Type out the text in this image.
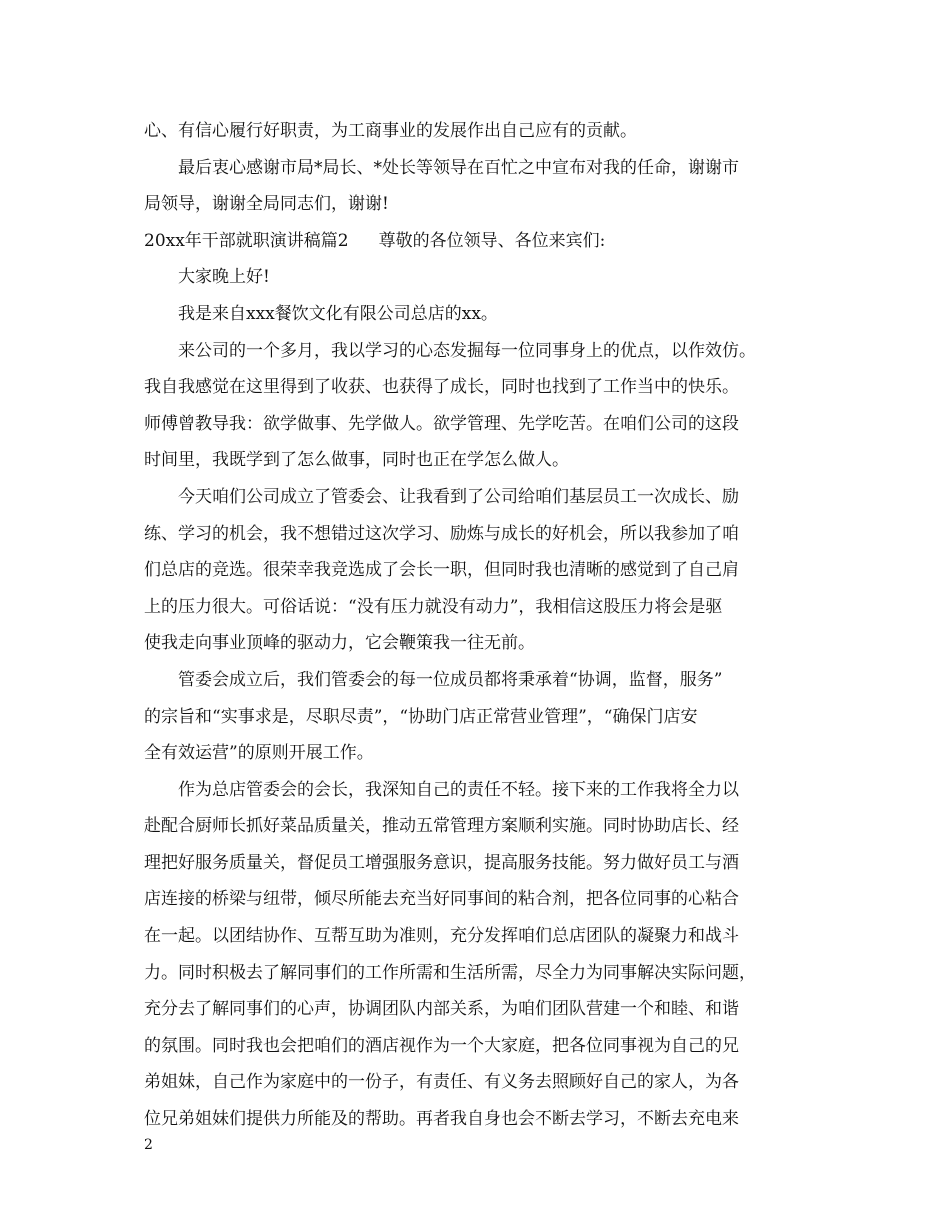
心、有信心履行好职责，为工商事业的发展作出自己应有的贡献。
最后衷心感谢市局*局长、*处长等领导在百忙之中宣布对我的任命，谢谢市
局领导，谢谢全局同志们，谢谢!
20xx年干部就职演讲稿篇2 尊敬的各位领导、各位来宾们:
大家晚上好!
我是来自xxx餐饮文化有限公司总店的xx。
来公司的一个多月，我以学习的心态发掘每一位同事身上的优点，以作效仿。
我自我感觉在这里得到了收获、也获得了成长，同时也找到了工作当中的快乐。
师傅曾教导我：欲学做事、先学做人。欲学管理、先学吃苦。在咱们公司的这段
时间里，我既学到了怎么做事，同时也正在学怎么做人。
今天咱们公司成立了管委会、让我看到了公司给咱们基层员工一次成长、励
练、学习的机会，我不想错过这次学习、励炼与成长的好机会，所以我参加了咱
们总店的竞选。很荣幸我竞选成了会长一职，但同时我也清晰的感觉到了自己肩
上的压力很大。可俗话说：“没有压力就没有动力”，我相信这股压力将会是驱
使我走向事业顶峰的驱动力，它会鞭策我一往无前。
管委会成立后，我们管委会的每一位成员都将秉承着“协调，监督，服务”
的宗旨和“实事求是，尽职尽责”，“协助门店正常营业管理”，“确保门店安
全有效运营”的原则开展工作。
作为总店管委会的会长，我深知自己的责任不轻。接下来的工作我将全力以
赴配合厨师长抓好菜品质量关，推动五常管理方案顺利实施。同时协助店长、经
理把好服务质量关，督促员工增强服务意识，提高服务技能。努力做好员工与酒
店连接的桥梁与纽带，倾尽所能去充当好同事间的粘合剂，把各位同事的心粘合
在一起。以团结协作、互帮互助为准则，充分发挥咱们总店团队的凝聚力和战斗
力。同时积极去了解同事们的工作所需和生活所需，尽全力为同事解决实际问题，
充分去了解同事们的心声，协调团队内部关系，为咱们团队营建一个和睦、和谐
的氛围。同时我也会把咱们的酒店视作为一个大家庭，把各位同事视为自己的兄
弟姐妹，自己作为家庭中的一份子，有责任、有义务去照顾好自己的家人，为各
位兄弟姐妹们提供力所能及的帮助。再者我自身也会不断去学习，不断去充电来
2
